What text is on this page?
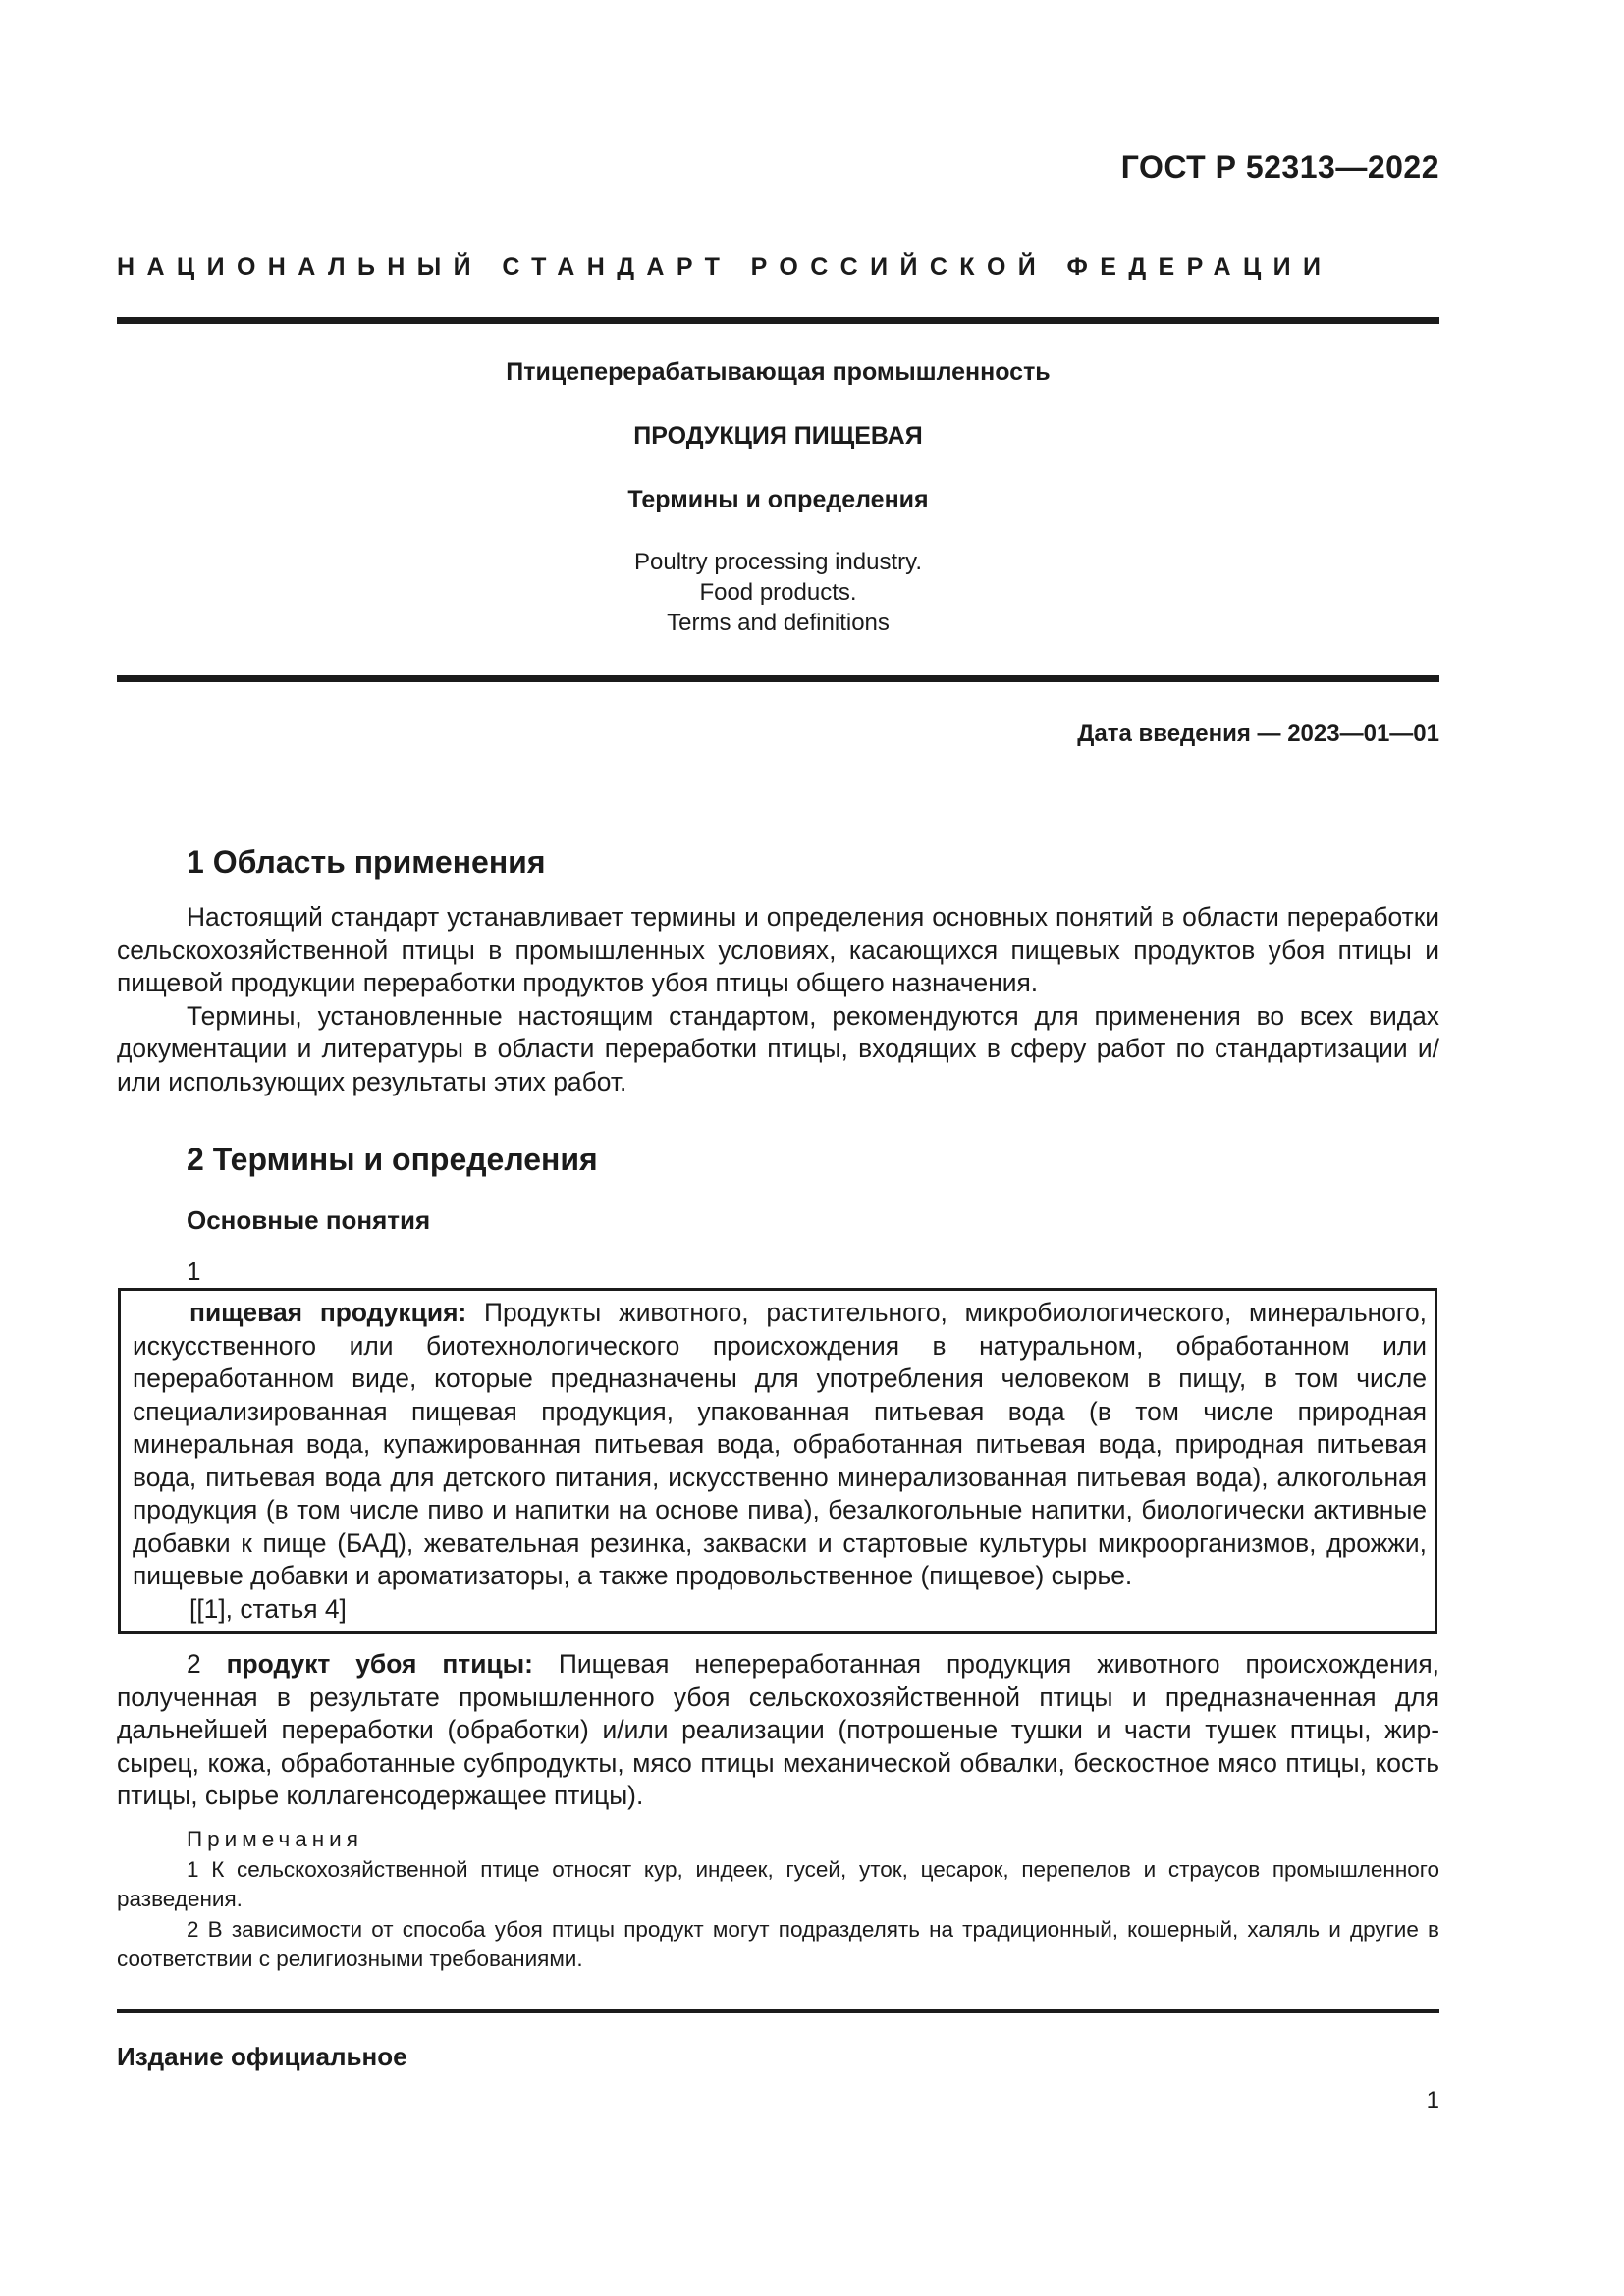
ГОСТ Р 52313—2022
НАЦИОНАЛЬНЫЙ СТАНДАРТ РОССИЙСКОЙ ФЕДЕРАЦИИ
Птицеперерабатывающая промышленность
ПРОДУКЦИЯ ПИЩЕВАЯ
Термины и определения
Poultry processing industry.
Food products.
Terms and definitions
Дата введения — 2023—01—01
1 Область применения

Настоящий стандарт устанавливает термины и определения основных понятий в области переработки сельскохозяйственной птицы в промышленных условиях, касающихся пищевых продуктов убоя птицы и пищевой продукции переработки продуктов убоя птицы общего назначения.

Термины, установленные настоящим стандартом, рекомендуются для применения во всех видах документации и литературы в области переработки птицы, входящих в сферу работ по стандартизации и/или использующих результаты этих работ.

2 Термины и определения
Основные понятия
1

пищевая продукция: Продукты животного, растительного, микробиологического, минерального, искусственного или биотехнологического происхождения в натуральном, обработанном или переработанном виде, которые предназначены для употребления человеком в пищу, в том числе специализированная пищевая продукция, упакованная питьевая вода (в том числе природная минеральная вода, купажированная питьевая вода, обработанная питьевая вода, природная питьевая вода, питьевая вода для детского питания, искусственно минерализованная питьевая вода), алкогольная продукция (в том числе пиво и напитки на основе пива), безалкогольные напитки, биологически активные добавки к пище (БАД), жевательная резинка, закваски и стартовые культуры микроорганизмов, дрожжи, пищевые добавки и ароматизаторы, а также продовольственное (пищевое) сырье.

[[1], статья 4]

2 продукт убоя птицы: Пищевая непереработанная продукция животного происхождения, полученная в результате промышленного убоя сельскохозяйственной птицы и предназначенная для дальнейшей переработки (обработки) и/или реализации (потрошеные тушки и части тушек птицы, жир-сырец, кожа, обработанные субпродукты, мясо птицы механической обвалки, бескостное мясо птицы, кость птицы, сырье коллагенсодержащее птицы).

Примечания

1 К сельскохозяйственной птице относят кур, индеек, гусей, уток, цесарок, перепелов и страусов промышленного разведения.

2 В зависимости от способа убоя птицы продукт могут подразделять на традиционный, кошерный, халяль и другие в соответствии с религиозными требованиями.

Издание официальное
1
